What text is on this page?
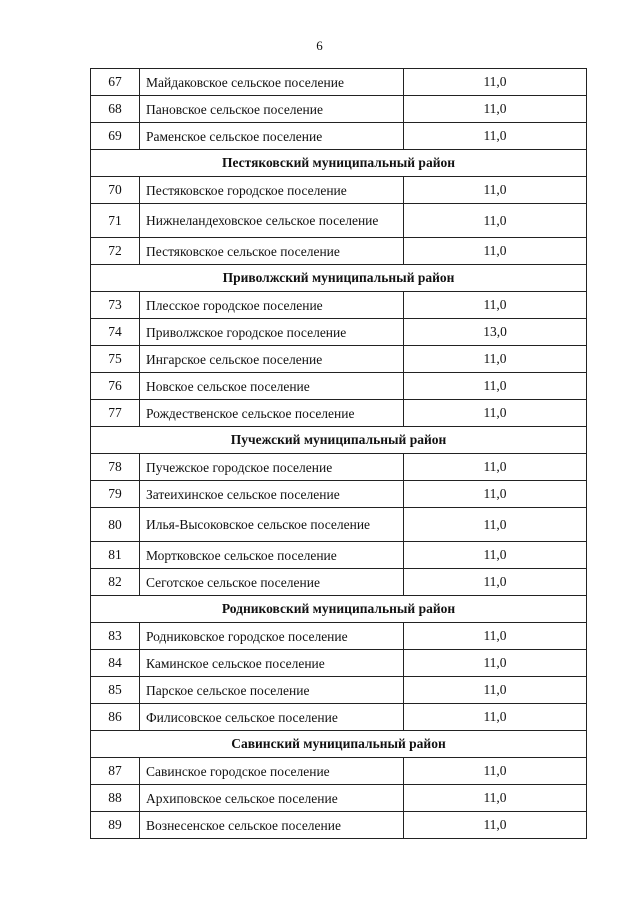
6
67	Майдаковское сельское поселение	11,0
68	Пановское сельское поселение	11,0
69	Раменское сельское поселение	11,0
Пестяковский муниципальный район		
70	Пестяковское городское поселение	11,0
71	Нижнеландеховское сельское поселение	11,0
72	Пестяковское сельское поселение	11,0
Приволжский муниципальный район		
73	Плесское городское поселение	11,0
74	Приволжское городское поселение	13,0
75	Ингарское сельское поселение	11,0
76	Новское сельское поселение	11,0
77	Рождественское сельское поселение	11,0
Пучежский муниципальный район		
78	Пучежское городское поселение	11,0
79	Затеихинское сельское поселение	11,0
80	Илья-Высоковское сельское поселение	11,0
81	Мортковское сельское поселение	11,0
82	Сеготское сельское поселение	11,0
Родниковский муниципальный район		
83	Родниковское городское поселение	11,0
84	Каминское сельское поселение	11,0
85	Парское сельское поселение	11,0
86	Филисовское сельское поселение	11,0
Савинский муниципальный район		
87	Савинское городское поселение	11,0
88	Архиповское сельское поселение	11,0
89	Вознесенское сельское поселение	11,0
